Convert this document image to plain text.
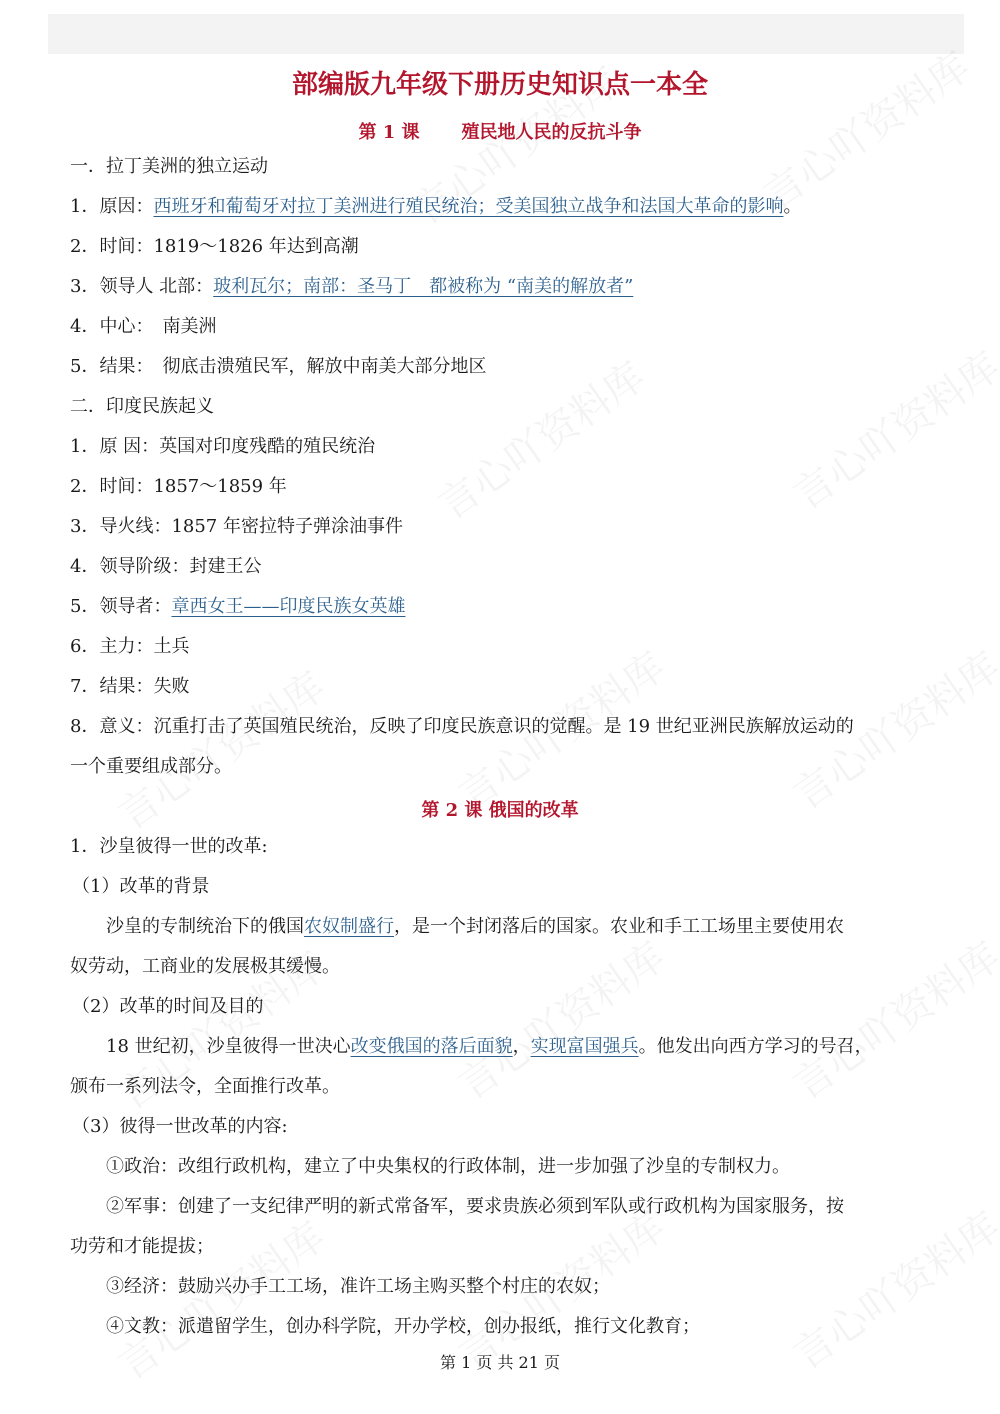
部编版九年级下册历史知识点一本全
第 1 课 殖民地人民的反抗斗争
一．拉丁美洲的独立运动
1．原因：西班牙和葡萄牙对拉丁美洲进行殖民统治；受美国独立战争和法国大革命的影响。
2．时间：1819～1826 年达到高潮
3．领导人 北部：玻利瓦尔；南部：圣马丁　都被称为 “南美的解放者”
4．中心：　南美洲
5．结果：　彻底击溃殖民军，解放中南美大部分地区
二．印度民族起义
1．原 因：英国对印度残酷的殖民统治
2．时间：1857～1859 年
3．导火线：1857 年密拉特子弹涂油事件
4．领导阶级：封建王公
5．领导者：章西女王——印度民族女英雄
6．主力：土兵
7．结果：失败
8．意义：沉重打击了英国殖民统治，反映了印度民族意识的觉醒。是 19 世纪亚洲民族解放运动的
一个重要组成部分。
第 2 课 俄国的改革
1．沙皇彼得一世的改革:
（1）改革的背景
沙皇的专制统治下的俄国农奴制盛行，是一个封闭落后的国家。农业和手工工场里主要使用农
奴劳动，工商业的发展极其缓慢。
（2）改革的时间及目的
18 世纪初，沙皇彼得一世决心改变俄国的落后面貌，实现富国强兵。他发出向西方学习的号召，
颁布一系列法令，全面推行改革。
（3）彼得一世改革的内容:
①政治：改组行政机构，建立了中央集权的行政体制，进一步加强了沙皇的专制权力。
②军事：创建了一支纪律严明的新式常备军，要求贵族必须到军队或行政机构为国家服务，按
功劳和才能提拔；
③经济：鼓励兴办手工工场，准许工场主购买整个村庄的农奴；
④文教：派遣留学生，创办科学院，开办学校，创办报纸，推行文化教育；
第 1 页 共 21 页
